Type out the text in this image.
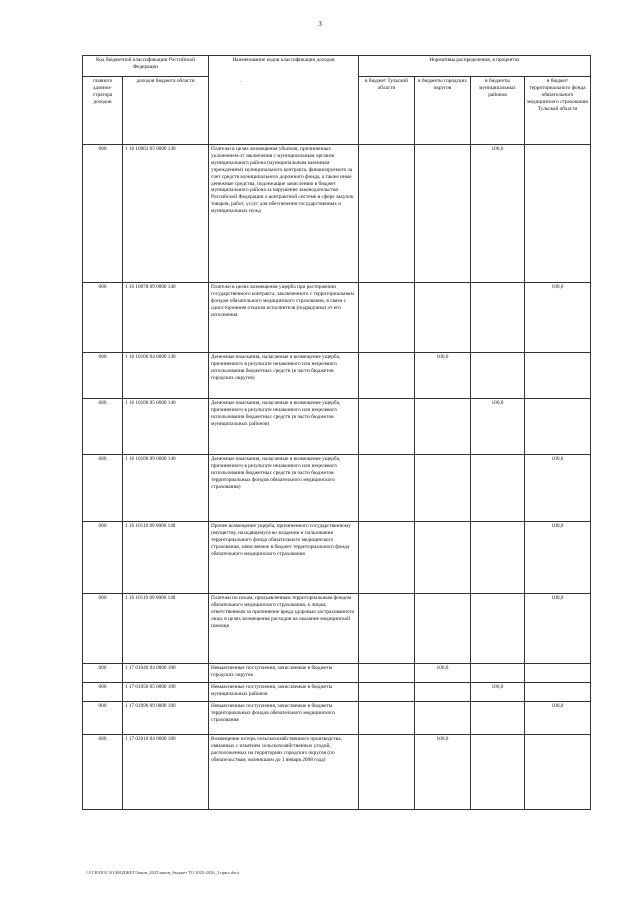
3
Код бюджетной классификации Российской Федерации		Наименование кодов классификации доходов	Нормативы распределения, в процентах			
главного админи-стратора доходов	доходов бюджета области		в бюджет Тульской области	в бюджеты городских округов	в бюджеты муниципальных районов	в бюджет территориального фонда обязательного медицинского страхования Тульской области
000	1 16 10062 05 0000 140	Платежи в целях возмещения убытков, причиненных уклонением от заключения с муниципальным органом муниципального района (муниципальным казенным учреждением) муниципального контракта, финансируемого за счет средств муниципального дорожного фонда, а также иные денежные средства, подлежащие зачислению в бюджет муниципального района за нарушение законодательства Российской Федерации о контрактной системе в сфере закупок товаров, работ, услуг для обеспечения государственных и муниципальных нужд			100,0	
000	1 16 10078 09 0000 140	Платежи в целях возмещения ущерба при расторжении государственного контракта, заключенного с территориальным фондом обязательного медицинского страхования, в связи с односторонним отказом исполнителя (подрядчика) от его исполнения				100,0
000	1 16 10100 04 0000 140	Денежные взыскания, налагаемые в возмещение ущерба, причиненного в результате незаконного или нецелевого использования бюджетных средств (в части бюджетов городских округов)		100,0		
000	1 16 10100 05 0000 140	Денежные взыскания, налагаемые в возмещение ущерба, причиненного в результате незаконного или нецелевого использования бюджетных средств (в части бюджетов муниципальных районов)			100,0	
000	1 16 10100 09 0000 140	Денежные взыскания, налагаемые в возмещение ущерба, причиненного в результате незаконного или нецелевого использования бюджетных средств (в части бюджетов территориальных фондов обязательного медицинского страхования)				100,0
000	1 16 10118 09 0000 140	Прочее возмещение ущерба, причиненного государственному имуществу, находящемуся во владении и пользовании территориального фонда обязательного медицинского страхования, зачисляемое в бюджет территориального фонда обязательного медицинского страхования				100,0
000	1 16 10119 09 0000 140	Платежи по искам, предъявленным территориальным фондом обязательного медицинского страхования, к лицам, ответственным за причинение вреда здоровью застрахованного лица, в целях возмещения расходов на оказание медицинской помощи				100,0
000	1 17 01040 04 0000 180	Невыясненные поступления, зачисляемые в бюджеты городских округов		100,0		
000	1 17 01050 05 0000 180	Невыясненные поступления, зачисляемые в бюджеты муниципальных районов			100,0	
000	1 17 01090 09 0000 180	Невыясненные поступления, зачисляемые в бюджеты территориальных фондов обязательного медицинского страхования				100,0
000	1 17 02010 04 0000 180	Возмещение потерь сельскохозяйственного производства, связанных с изъятием сельскохозяйственных угодий, расположенных на территориях городских округов (по обязательствам, возникшим до 1 января 2008 года)		100,0		
-
\\VCB\DOC\01\БЮДЖЕТ\Закон_2025\закон_бюджет ТО 2025-2026_3 прил.docx
